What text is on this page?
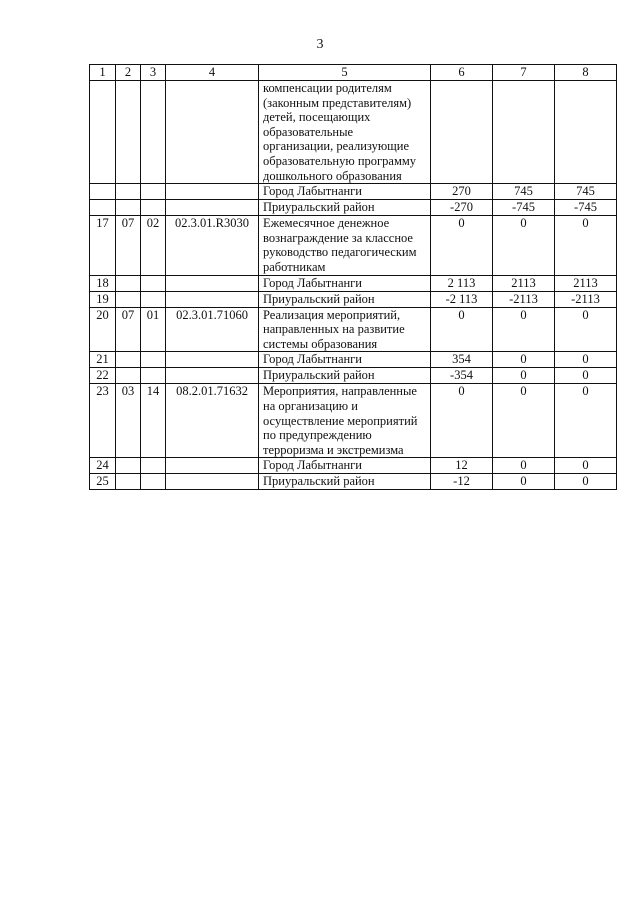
3
1	2	3	4	5	6	7	8
				компенсации родителям (законным представителям) детей, посещающих образовательные организации, реализующие образовательную программу дошкольного образования			
				Город Лабытнанги	270	745	745
				Приуральский район	-270	-745	-745
17	07	02	02.3.01.R3030	Ежемесячное денежное вознаграждение за классное руководство педагогическим работникам	0	0	0
18				Город Лабытнанги	2 113	2113	2113
19				Приуральский район	-2 113	-2113	-2113
20	07	01	02.3.01.71060	Реализация мероприятий, направленных на развитие системы образования	0	0	0
21				Город Лабытнанги	354	0	0
22				Приуральский район	-354	0	0
23	03	14	08.2.01.71632	Мероприятия, направленные на организацию и осуществление мероприятий по предупреждению терроризма и экстремизма	0	0	0
24				Город Лабытнанги	12	0	0
25				Приуральский район	-12	0	0
